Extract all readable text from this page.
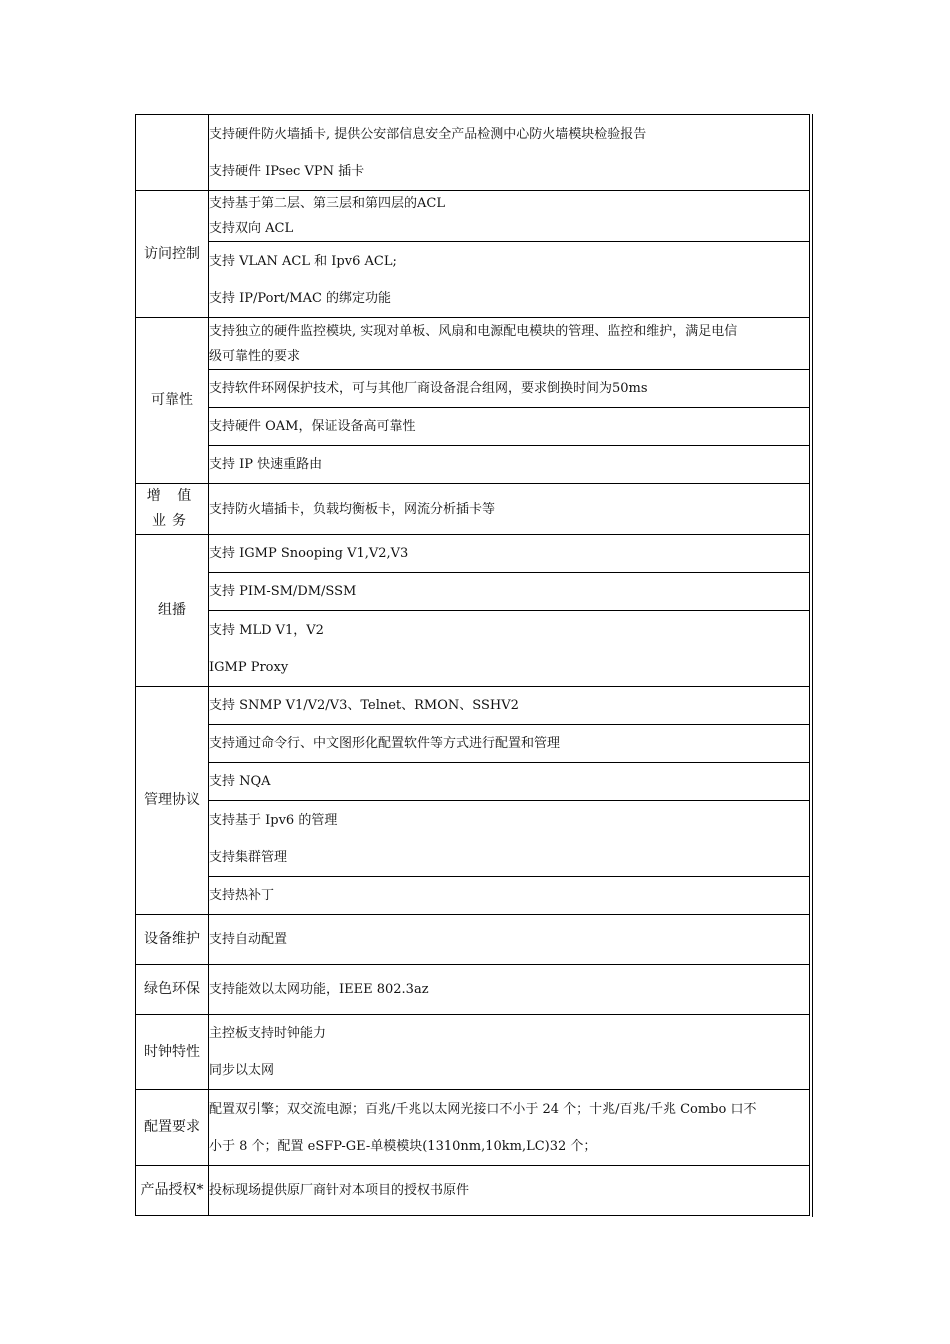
	支持硬件防火墙插卡, 提供公安部信息安全产品检测中心防火墙模块检验报告
支持硬件 IPsec VPN 插卡

访问控制	支持基于第二层、第三层和第四层的ACL
支持双向 ACL

	支持 VLAN ACL 和 Ipv6 ACL;
支持 IP/Port/MAC 的绑定功能

可靠性	支持独立的硬件监控模块, 实现对单板、风扇和电源配电模块的管理、监控和维护，满足电信
级可靠性的要求

	支持软件环网保护技术，可与其他厂商设备混合组网，要求倒换时间为50ms

	支持硬件 OAM，保证设备高可靠性

	支持 IP 快速重路由

增 值 业务	支持防火墙插卡，负载均衡板卡，网流分析插卡等

组播	支持 IGMP Snooping V1,V2,V3

	支持 PIM-SM/DM/SSM

	支持 MLD V1，V2
IGMP Proxy

管理协议	支持 SNMP V1/V2/V3、Telnet、RMON、SSHV2

	支持通过命令行、中文图形化配置软件等方式进行配置和管理

	支持 NQA

	支持基于 Ipv6 的管理
支持集群管理

	支持热补丁

设备维护	支持自动配置

绿色环保	支持能效以太网功能，IEEE 802.3az

时钟特性	主控板支持时钟能力
同步以太网

配置要求	配置双引擎；双交流电源；百兆/千兆以太网光接口不小于 24 个；十兆/百兆/千兆 Combo 口不
小于 8 个；配置 eSFP-GE-单模模块(1310nm,10km,LC)32 个；

产品授权*	投标现场提供原厂商针对本项目的授权书原件
